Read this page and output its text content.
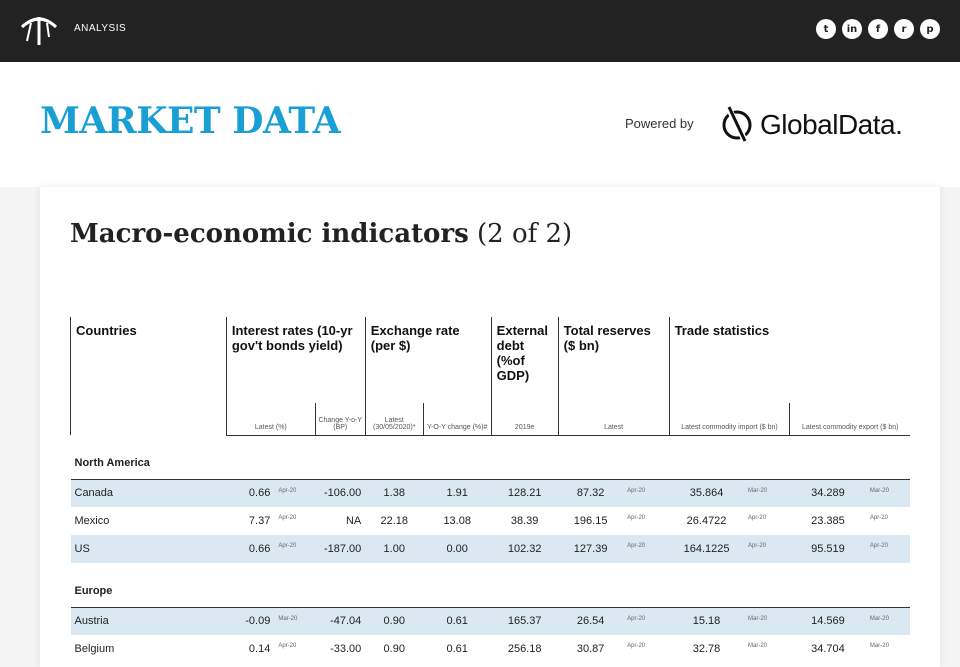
ANALYSIS	t	in	f	r	p
MARKET DATA	Powered by GlobalData.
Macro-economic indicators (2 of 2)
Countries	Interest rates (10-yr gov't bonds yield)			Exchange rate (per $)		External debt (%of GDP)	Total reserves ($ bn)		Trade statistics			
	Latest (%)		Change Y-o-Y (BP)	Latest (30/05/2020)*	Y-O-Y change (%)#	2019e	Latest		Latest commodity import ($ bn)		Latest commodity export ($ bn)	
North America												
Canada	0.66	Apr-20	-106.00	1.38	1.91	128.21	87.32	Apr-20	35.864	Mar-20	34.289	Mar-20
Mexico	7.37	Apr-20	NA	22.18	13.08	38.39	196.15	Apr-20	26.4722	Apr-20	23.385	Apr-20
US	0.66	Apr-20	-187.00	1.00	0.00	102.32	127.39	Apr-20	164.1225	Apr-20	95.519	Apr-20
Europe												
Austria	-0.09	Mar-20	-47.04	0.90	0.61	165.37	26.54	Apr-20	15.18	Mar-20	14.569	Mar-20
Belgium	0.14	Apr-20	-33.00	0.90	0.61	256.18	30.87	Apr-20	32.78	Mar-20	34.704	Mar-20
